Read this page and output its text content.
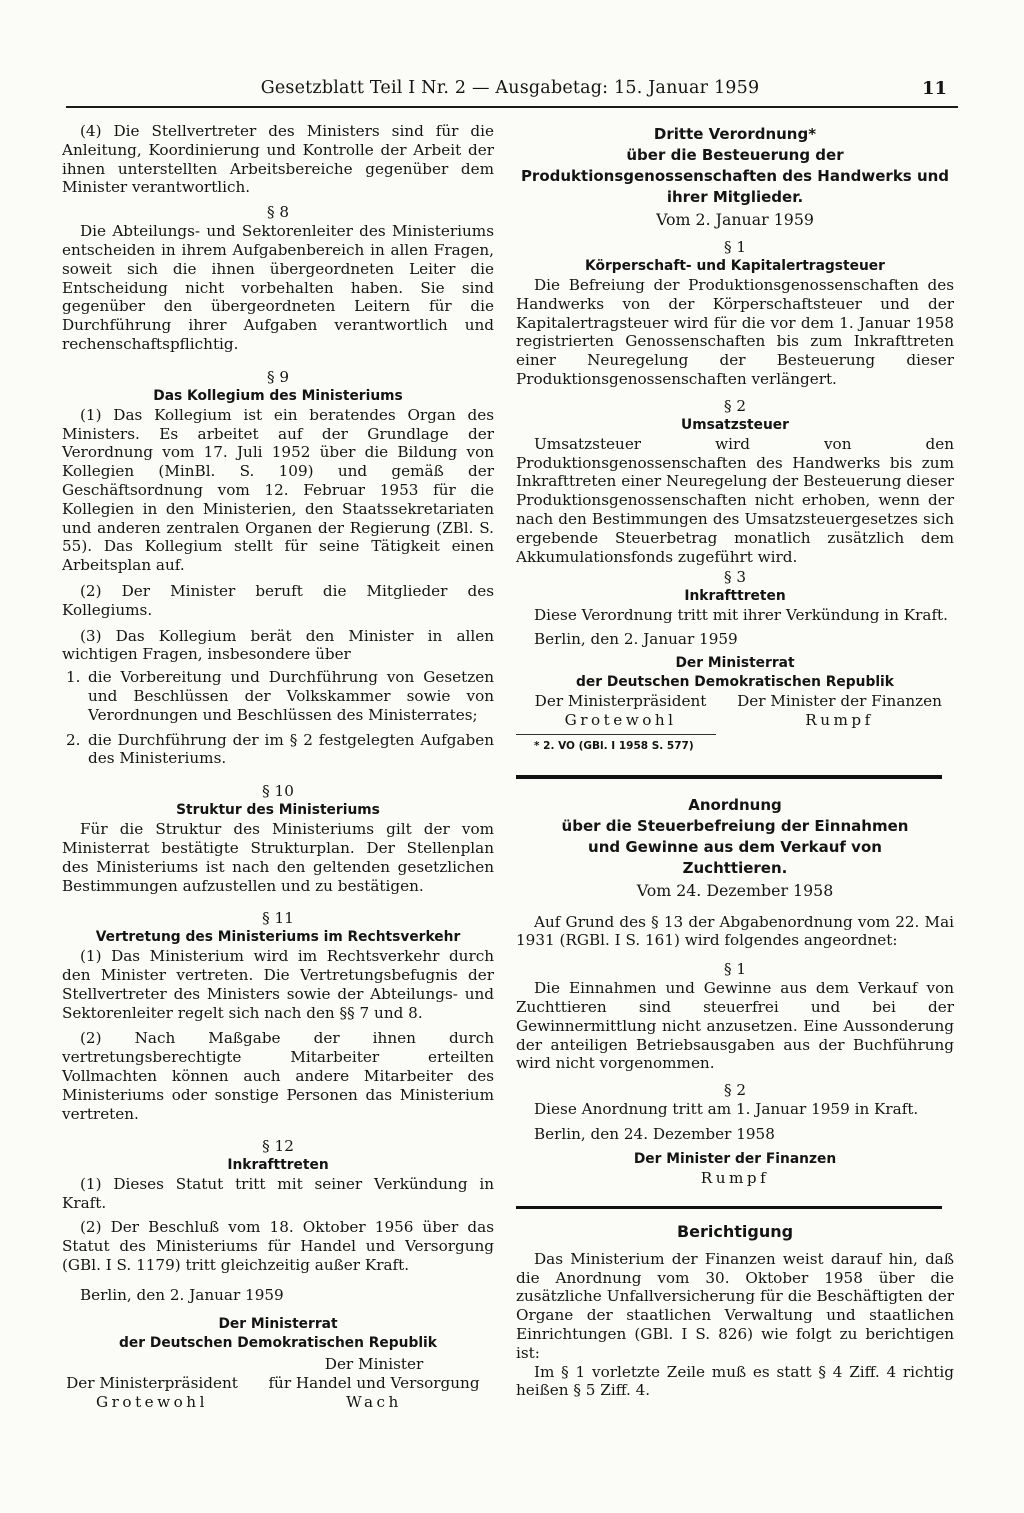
Gesetzblatt Teil I Nr. 2 — Ausgabetag: 15. Januar 1959	11

(4) Die Stellvertreter des Ministers sind für die Anleitung, Koordinierung und Kontrolle der Arbeit der ihnen unterstellten Arbeitsbereiche gegenüber dem Minister verantwortlich.

§ 8

Die Abteilungs- und Sektorenleiter des Ministeriums entscheiden in ihrem Aufgabenbereich in allen Fragen, soweit sich die ihnen übergeordneten Leiter die Entscheidung nicht vorbehalten haben. Sie sind gegenüber den übergeordneten Leitern für die Durchführung ihrer Aufgaben verantwortlich und rechenschaftspflichtig.

§ 9

Das Kollegium des Ministeriums

(1) Das Kollegium ist ein beratendes Organ des Ministers. Es arbeitet auf der Grundlage der Verordnung vom 17. Juli 1952 über die Bildung von Kollegien (MinBl. S. 109) und gemäß der Geschäftsordnung vom 12. Februar 1953 für die Kollegien in den Ministerien, den Staatssekretariaten und anderen zentralen Organen der Regierung (ZBl. S. 55). Das Kollegium stellt für seine Tätigkeit einen Arbeitsplan auf.

(2) Der Minister beruft die Mitglieder des Kollegiums.

(3) Das Kollegium berät den Minister in allen wichtigen Fragen, insbesondere über

1. die Vorbereitung und Durchführung von Gesetzen und Beschlüssen der Volkskammer sowie von Verordnungen und Beschlüssen des Ministerrates;
2. die Durchführung der im § 2 festgelegten Aufgaben des Ministeriums.

§ 10

Struktur des Ministeriums

Für die Struktur des Ministeriums gilt der vom Ministerrat bestätigte Strukturplan. Der Stellenplan des Ministeriums ist nach den geltenden gesetzlichen Bestimmungen aufzustellen und zu bestätigen.

§ 11

Vertretung des Ministeriums im Rechtsverkehr

(1) Das Ministerium wird im Rechtsverkehr durch den Minister vertreten. Die Vertretungsbefugnis der Stellvertreter des Ministers sowie der Abteilungs- und Sektorenleiter regelt sich nach den §§ 7 und 8.

(2) Nach Maßgabe der ihnen durch vertretungsberechtigte Mitarbeiter erteilten Vollmachten können auch andere Mitarbeiter des Ministeriums oder sonstige Personen das Ministerium vertreten.

§ 12

Inkrafttreten

(1) Dieses Statut tritt mit seiner Verkündung in Kraft.

(2) Der Beschluß vom 18. Oktober 1956 über das Statut des Ministeriums für Handel und Versorgung (GBl. I S. 1179) tritt gleichzeitig außer Kraft.

Berlin, den 2. Januar 1959

Der Ministerrat

der Deutschen Demokratischen Republik

Der Ministerpräsident
Grotewohl
Der Minister
für Handel und Versorgung
Wach

Dritte Verordnung*

über die Besteuerung der Produktionsgenossenschaften des Handwerks und ihrer Mitglieder.

Vom 2. Januar 1959

§ 1

Körperschaft- und Kapitalertragsteuer

Die Befreiung der Produktionsgenossenschaften des Handwerks von der Körperschaftsteuer und der Kapitalertragsteuer wird für die vor dem 1. Januar 1958 registrierten Genossenschaften bis zum Inkrafttreten einer Neuregelung der Besteuerung dieser Produktionsgenossenschaften verlängert.

§ 2

Umsatzsteuer

Umsatzsteuer wird von den Produktionsgenossenschaften des Handwerks bis zum Inkrafttreten einer Neuregelung der Besteuerung dieser Produktionsgenossenschaften nicht erhoben, wenn der nach den Bestimmungen des Umsatzsteuergesetzes sich ergebende Steuerbetrag monatlich zusätzlich dem Akkumulationsfonds zugeführt wird.

§ 3

Inkrafttreten

Diese Verordnung tritt mit ihrer Verkündung in Kraft.

Berlin, den 2. Januar 1959

Der Ministerrat

der Deutschen Demokratischen Republik

Der Ministerpräsident
Grotewohl
Der Minister der Finanzen
Rumpf

* 2. VO (GBl. I 1958 S. 577)

Anordnung

über die Steuerbefreiung der Einnahmen und Gewinne aus dem Verkauf von Zuchttieren.

Vom 24. Dezember 1958

Auf Grund des § 13 der Abgabenordnung vom 22. Mai 1931 (RGBl. I S. 161) wird folgendes angeordnet:

§ 1

Die Einnahmen und Gewinne aus dem Verkauf von Zuchttieren sind steuerfrei und bei der Gewinnermittlung nicht anzusetzen. Eine Aussonderung der anteiligen Betriebsausgaben aus der Buchführung wird nicht vorgenommen.

§ 2

Diese Anordnung tritt am 1. Januar 1959 in Kraft.

Berlin, den 24. Dezember 1958

Der Minister der Finanzen

Rumpf

Berichtigung

Das Ministerium der Finanzen weist darauf hin, daß die Anordnung vom 30. Oktober 1958 über die zusätzliche Unfallversicherung für die Beschäftigten der Organe der staatlichen Verwaltung und staatlichen Einrichtungen (GBl. I S. 826) wie folgt zu berichtigen ist:

Im § 1 vorletzte Zeile muß es statt § 4 Ziff. 4 richtig heißen § 5 Ziff. 4.
